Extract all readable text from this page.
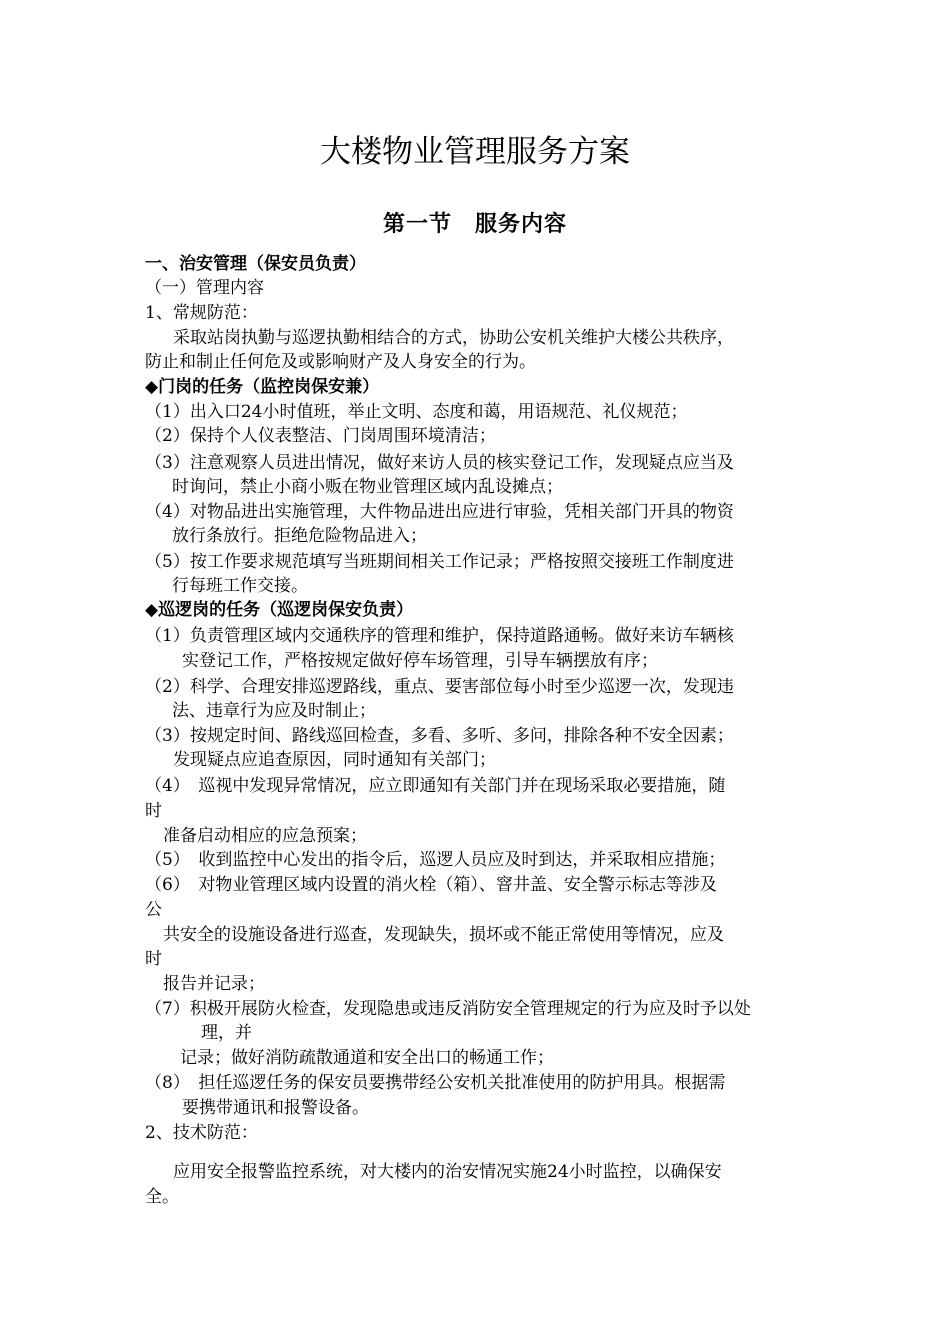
大楼物业管理服务方案
第一节　服务内容
一、治安管理（保安员负责）
（一）管理内容
1、常规防范：
采取站岗执勤与巡逻执勤相结合的方式，协助公安机关维护大楼公共秩序，
防止和制止任何危及或影响财产及人身安全的行为。
◆门岗的任务（监控岗保安兼）
（1）出入口24小时值班，举止文明、态度和蔼，用语规范、礼仪规范；
（2）保持个人仪表整洁、门岗周围环境清洁；
（3）注意观察人员进出情况，做好来访人员的核实登记工作，发现疑点应当及
时询问，禁止小商小贩在物业管理区域内乱设摊点；
（4）对物品进出实施管理，大件物品进出应进行审验，凭相关部门开具的物资
放行条放行。拒绝危险物品进入；
（5）按工作要求规范填写当班期间相关工作记录；严格按照交接班工作制度进
行每班工作交接。
◆巡逻岗的任务（巡逻岗保安负责）
（1）负责管理区域内交通秩序的管理和维护，保持道路通畅。做好来访车辆核
实登记工作，严格按规定做好停车场管理，引导车辆摆放有序；
（2）科学、合理安排巡逻路线，重点、要害部位每小时至少巡逻一次，发现违
法、违章行为应及时制止；
（3）按规定时间、路线巡回检查，多看、多听、多问，排除各种不安全因素；
发现疑点应追查原因，同时通知有关部门；
（4）　巡视中发现异常情况，应立即通知有关部门并在现场采取必要措施，随
时
准备启动相应的应急预案；
（5）　收到监控中心发出的指令后，巡逻人员应及时到达，并采取相应措施；
（6）　对物业管理区域内设置的消火栓（箱）、窨井盖、安全警示标志等涉及
公
共安全的设施设备进行巡查，发现缺失，损坏或不能正常使用等情况，应及
时
报告并记录；
（7）积极开展防火检查，发现隐患或违反消防安全管理规定的行为应及时予以处
理，并
记录；做好消防疏散通道和安全出口的畅通工作；
（8）　担任巡逻任务的保安员要携带经公安机关批准使用的防护用具。根据需
要携带通讯和报警设备。
2、技术防范：
应用安全报警监控系统，对大楼内的治安情况实施24小时监控，以确保安
全。
